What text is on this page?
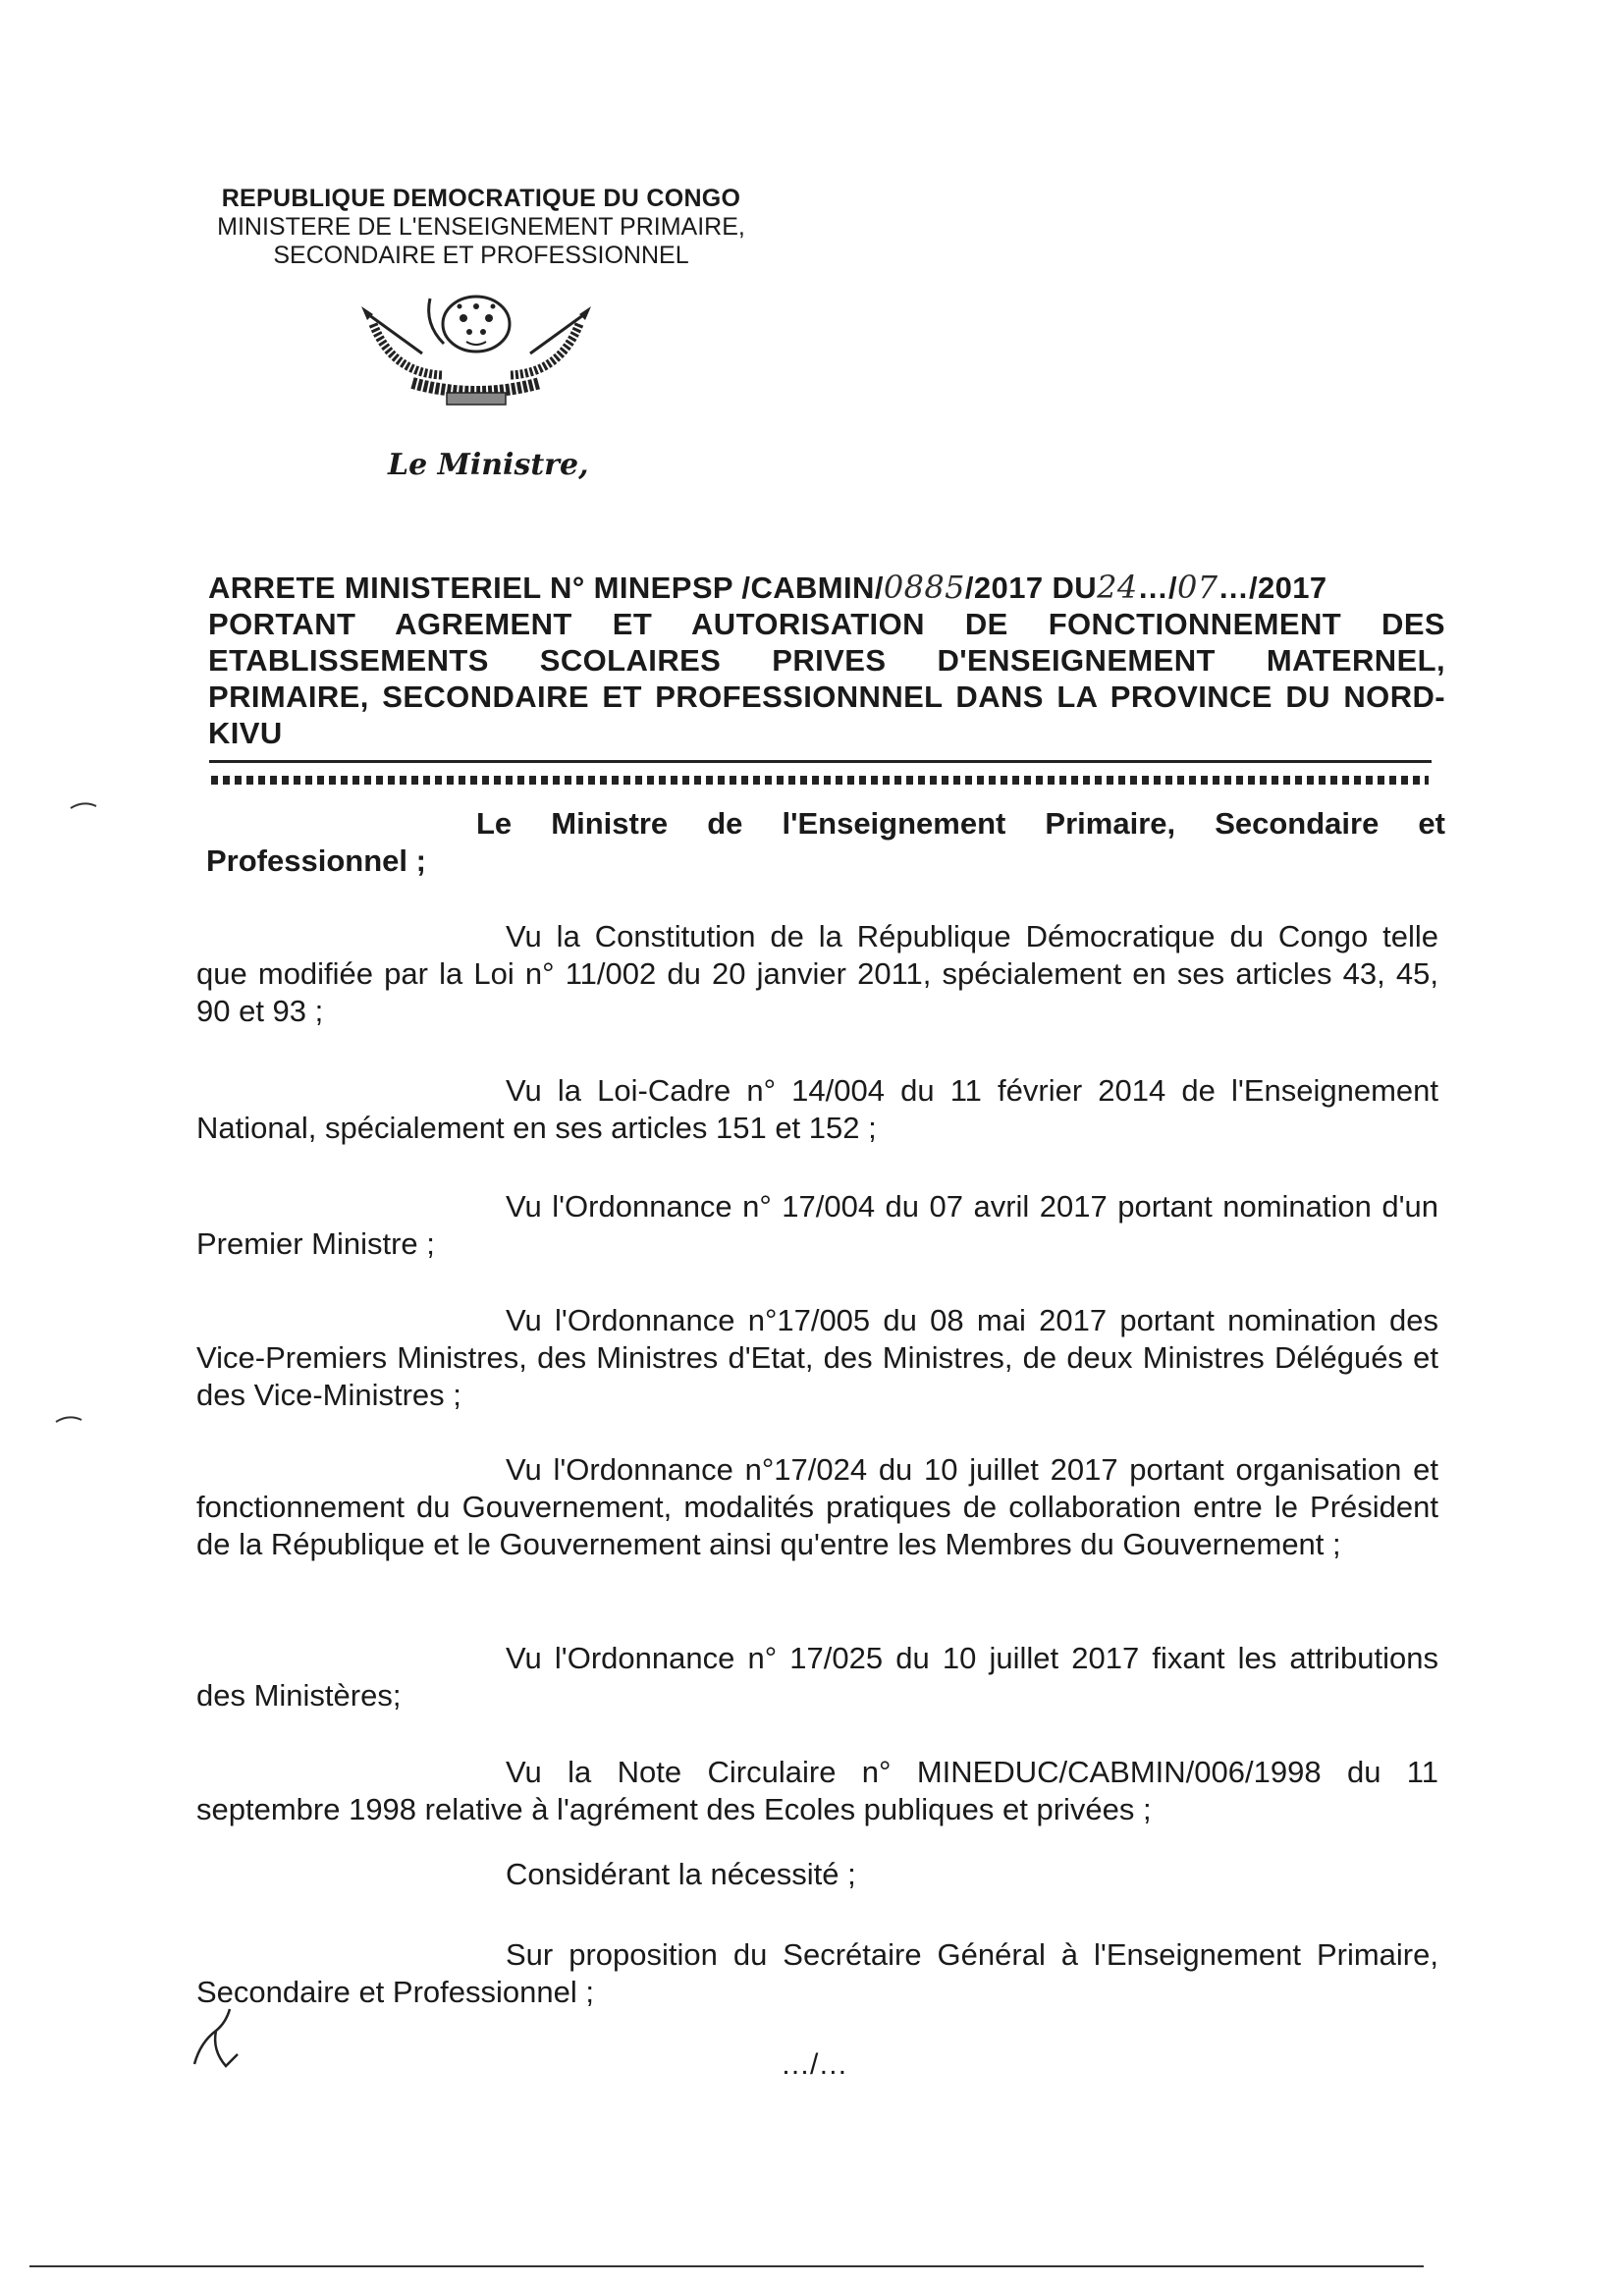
REPUBLIQUE DEMOCRATIQUE DU CONGO
MINISTERE DE L'ENSEIGNEMENT PRIMAIRE,
SECONDAIRE ET PROFESSIONNEL
Le Ministre,
ARRETE MINISTERIEL N° MINEPSP /CABMIN/0885/2017 DU24…/07…/2017
PORTANT AGREMENT ET AUTORISATION DE FONCTIONNEMENT DES ETABLISSEMENTS SCOLAIRES PRIVES D'ENSEIGNEMENT MATERNEL, PRIMAIRE, SECONDAIRE ET PROFESSIONNNEL DANS LA PROVINCE DU NORD-KIVU
Le Ministre de l'Enseignement Primaire, Secondaire et Professionnel ;
Vu la Constitution de la République Démocratique du Congo telle que modifiée par la Loi n° 11/002 du 20 janvier 2011, spécialement en ses articles 43, 45, 90 et 93 ;
Vu la Loi-Cadre n° 14/004 du 11 février 2014 de l'Enseignement National, spécialement en ses articles 151 et 152 ;
Vu l'Ordonnance n° 17/004 du 07 avril 2017 portant nomination d'un Premier Ministre ;
Vu l'Ordonnance n°17/005 du 08 mai 2017 portant nomination des Vice-Premiers Ministres, des Ministres d'Etat, des Ministres, de deux Ministres Délégués et des Vice-Ministres ;
Vu l'Ordonnance n°17/024 du 10 juillet 2017 portant organisation et fonctionnement du Gouvernement, modalités pratiques de collaboration entre le Président de la République et le Gouvernement ainsi qu'entre les Membres du Gouvernement ;
Vu l'Ordonnance n° 17/025 du 10 juillet 2017 fixant les attributions des Ministères;
Vu la Note Circulaire n° MINEDUC/CABMIN/006/1998 du 11 septembre 1998 relative à l'agrément des Ecoles publiques et privées ;
Considérant la nécessité ;
Sur proposition du Secrétaire Général à l'Enseignement Primaire, Secondaire et Professionnel ;
…/…
